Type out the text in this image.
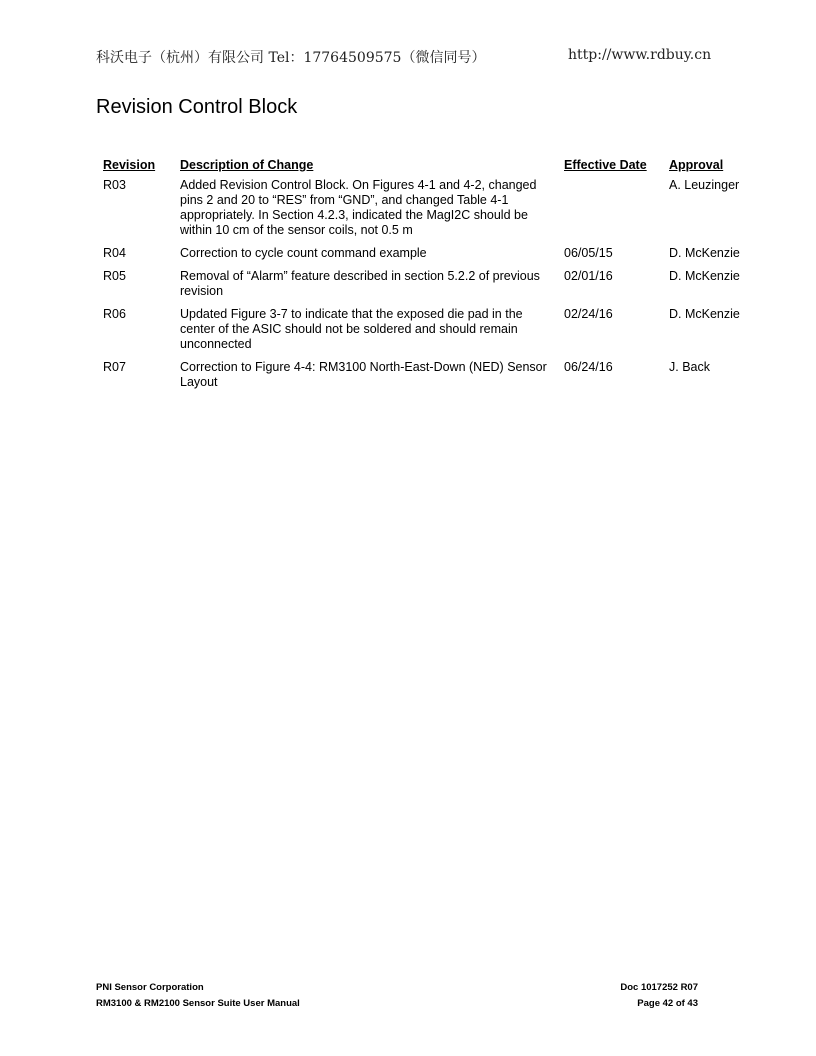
科沃电子（杭州）有限公司 Tel：17764509575（微信同号）	http://www.rdbuy.cn
Revision Control Block
Revision	Description of Change	Effective Date	Approval
R03	Added Revision Control Block. On Figures 4-1 and 4-2, changed pins 2 and 20 to “RES” from “GND”, and changed Table 4-1 appropriately. In Section 4.2.3, indicated the MagI2C should be within 10 cm of the sensor coils, not 0.5 m		A. Leuzinger
R04	Correction to cycle count command example	06/05/15	D. McKenzie
R05	Removal of “Alarm” feature described in section 5.2.2 of previous revision	02/01/16	D. McKenzie
R06	Updated Figure 3-7 to indicate that the exposed die pad in the center of the ASIC should not be soldered and should remain unconnected	02/24/16	D. McKenzie
R07	Correction to Figure 4-4: RM3100 North-East-Down (NED) Sensor Layout	06/24/16	J. Back
PNI Sensor Corporation
RM3100 & RM2100 Sensor Suite User Manual
Doc 1017252 R07
Page 42 of 43
